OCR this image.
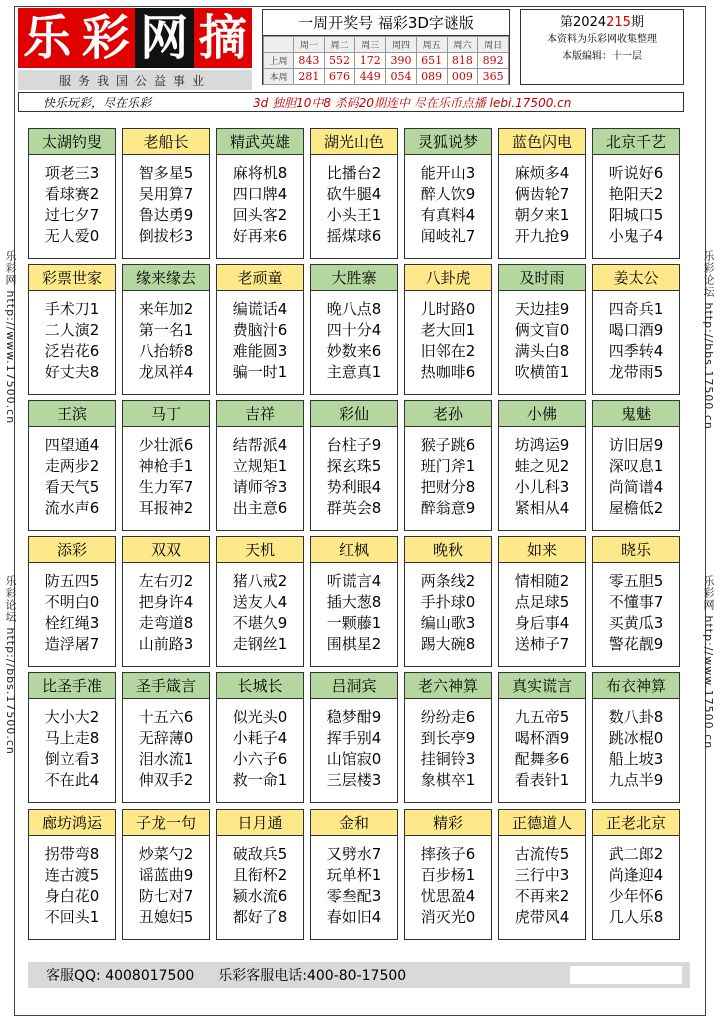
乐 彩 网 摘
服务我国公益事业
一周开奖号 福彩3D字谜版
	周一	周二	周三	周四	周五	周六	周日
上周	843	552	172	390	651	818	892
本周	281	676	449	054	089	009	365
第2024215期
本资料为乐彩网收集整理
本版编辑：十一层
快乐玩彩，尽在乐彩	3d 独胆10中8 杀码20期连中 尽在乐币点播 lebi.17500.cn
乐彩网 http://www.17500.cn
乐彩论坛 http://bbs.17500.cn
乐彩论坛 http://bbs.17500.cn
乐彩网 http://www.17500.cn
太湖钓叟
项老三3
看球赛2
过七夕7
无人爱0
老船长
智多星5
吴用算7
鲁达勇9
倒拔杉3
精武英雄
麻将机8
四口牌4
回头客2
好再来6
湖光山色
比播台2
砍牛腿4
小头王1
摇煤球6
灵狐说梦
能开山3
醉人饮9
有真料4
闻岐礼7
蓝色闪电
麻烦多4
俩齿轮7
朝夕来1
开九抢9
北京千艺
听说好6
艳阳天2
阳城口5
小鬼子4
彩票世家
手术刀1
二人演2
泛岩花6
好丈夫8
缘来缘去
来年加2
第一名1
八抬轿8
龙凤祥4
老顽童
编谎话4
费脑汁6
难能圆3
骗一时1
大胜寨
晚八点8
四十分4
妙数来6
主意真1
八卦虎
儿时路0
老大回1
旧邻在2
热咖啡6
及时雨
天边挂9
俩文盲0
满头白8
吹横笛1
姜太公
四奇兵1
喝口酒9
四季转4
龙带雨5
王滨
四望通4
走两步2
看天气5
流水声6
马丁
少壮派6
神枪手1
生力军7
耳报神2
吉祥
结帮派4
立规矩1
请师爷3
出主意6
彩仙
台柱子9
探玄珠5
势利眼4
群英会8
老孙
猴子跳6
班门斧1
把财分8
醉翁意9
小佛
坊鸿运9
蛙之见2
小儿科3
紧相从4
鬼魅
访旧居9
深叹息1
尚简谱4
屋檐低2
添彩
防五四5
不明白0
栓红绳3
造浮屠7
双双
左右刃2
把身许4
走弯道8
山前路3
天机
猪八戒2
送友人4
不堪久9
走钢丝1
红枫
听谎言4
插大葱8
一颗藤1
围棋星2
晚秋
两条线2
手扑球0
编山歌3
踢大碗8
如来
情相随2
点足球5
身后事4
送柿子7
晓乐
零五胆5
不懂事7
买黄瓜3
警花靓9
比圣手准
大小大2
马上走8
倒立看3
不在此4
圣手箴言
十五六6
无辞薄0
泪水流1
伸双手2
长城长
似光头0
小耗子4
小六子6
救一命1
吕洞宾
稳梦酣9
挥手别4
山馆寂0
三层楼3
老六神算
纷纷走6
到长亭9
挂铜铃3
象棋卒1
真实谎言
九五帝5
喝杯酒9
配舞多6
看表针1
布衣神算
数八卦8
跳冰棍0
船上坡3
九点半9
廊坊鸿运
拐带弯8
连古渡5
身白花0
不回头1
子龙一句
炒菜勺2
谣蓝曲9
防七对7
丑媳妇5
日月通
破敌兵5
且衔杯2
颍水流6
都好了8
金和
又劈水7
玩单杯1
零叁配3
春如旧4
精彩
摔孩子6
百步杨1
忧思盈4
消灭光0
正德道人
古流传5
三行中3
不再来2
虎带风4
正老北京
武二郎2
尚逢迎4
少年怀6
几人乐8
客服QQ: 4008017500 乐彩客服电话:400-80-17500
